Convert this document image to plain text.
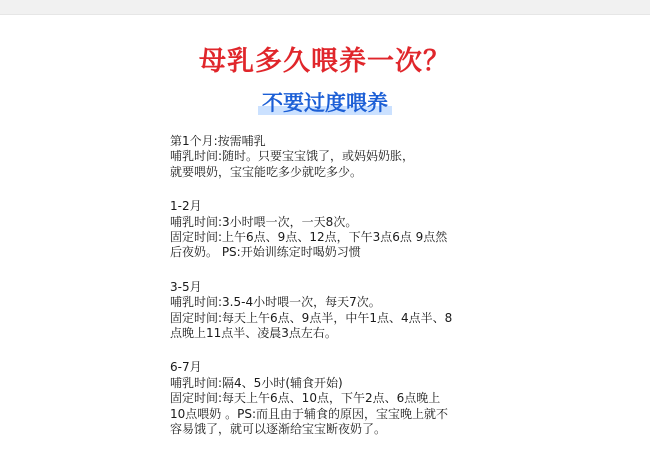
母乳多久喂养一次？
不要过度喂养
第1个月:按需哺乳
哺乳时间:随时。只要宝宝饿了，或妈妈奶胀，
就要喂奶，宝宝能吃多少就吃多少。
1-2月
哺乳时间:3小时喂一次，一天8次。
固定时间:上午6点、9点、12点，下午3点6点 9点然
后夜奶。 PS:开始训练定时喝奶习惯
3-5月
哺乳时间:3.5-4小时喂一次，每天7次。
固定时间:每天上午6点、9点半，中午1点、4点半、8
点晚上11点半、凌晨3点左右。
6-7月
哺乳时间:隔4、5小时(辅食开始)
固定时间:每天上午6点、10点，下午2点、6点晚上
10点喂奶 。PS:而且由于辅食的原因，宝宝晚上就不
容易饿了，就可以逐渐给宝宝断夜奶了。
